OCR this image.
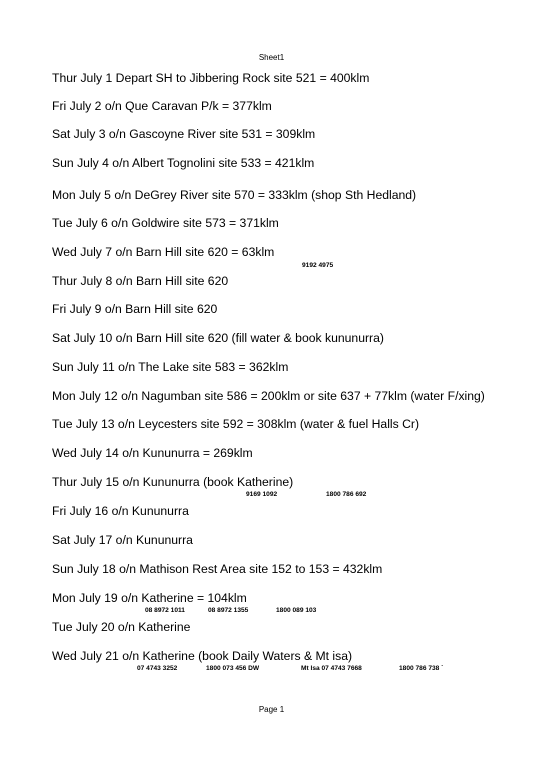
Sheet1
Thur July 1 Depart SH to Jibbering Rock site 521 = 400klm
Fri July 2 o/n Que Caravan P/k = 377klm
Sat July 3 o/n Gascoyne River site 531 = 309klm
Sun July 4 o/n Albert Tognolini site 533 = 421klm
Mon July 5 o/n DeGrey River site 570 = 333klm (shop Sth Hedland)
Tue July 6 o/n Goldwire site 573 = 371klm
Wed July 7 o/n Barn Hill site 620 = 63klm
9192 4975
Thur July 8 o/n Barn Hill site 620
Fri July 9 o/n Barn Hill site 620
Sat July 10 o/n Barn Hill site 620 (fill water & book kununurra)
Sun July 11 o/n The Lake site 583 = 362klm
Mon July 12 o/n Nagumban site 586 = 200klm or site 637 + 77klm (water F/xing)
Tue July 13 o/n Leycesters site 592 = 308klm (water & fuel Halls Cr)
Wed July 14 o/n Kununurra = 269klm
Thur July 15 o/n Kununurra (book Katherine)
9169 1092	1800 786 692
Fri July 16 o/n Kununurra
Sat July 17 o/n Kununurra
Sun July 18 o/n Mathison Rest Area site 152 to 153 = 432klm
Mon July 19 o/n Katherine = 104klm
08 8972 1011	08 8972 1355	1800 089 103
Tue July 20 o/n Katherine
Wed July 21 o/n Katherine (book Daily Waters & Mt isa)
07 4743 3252	1800 073 456 DW	Mt Isa 07 4743 7668	1800 786 738 `
Page 1
